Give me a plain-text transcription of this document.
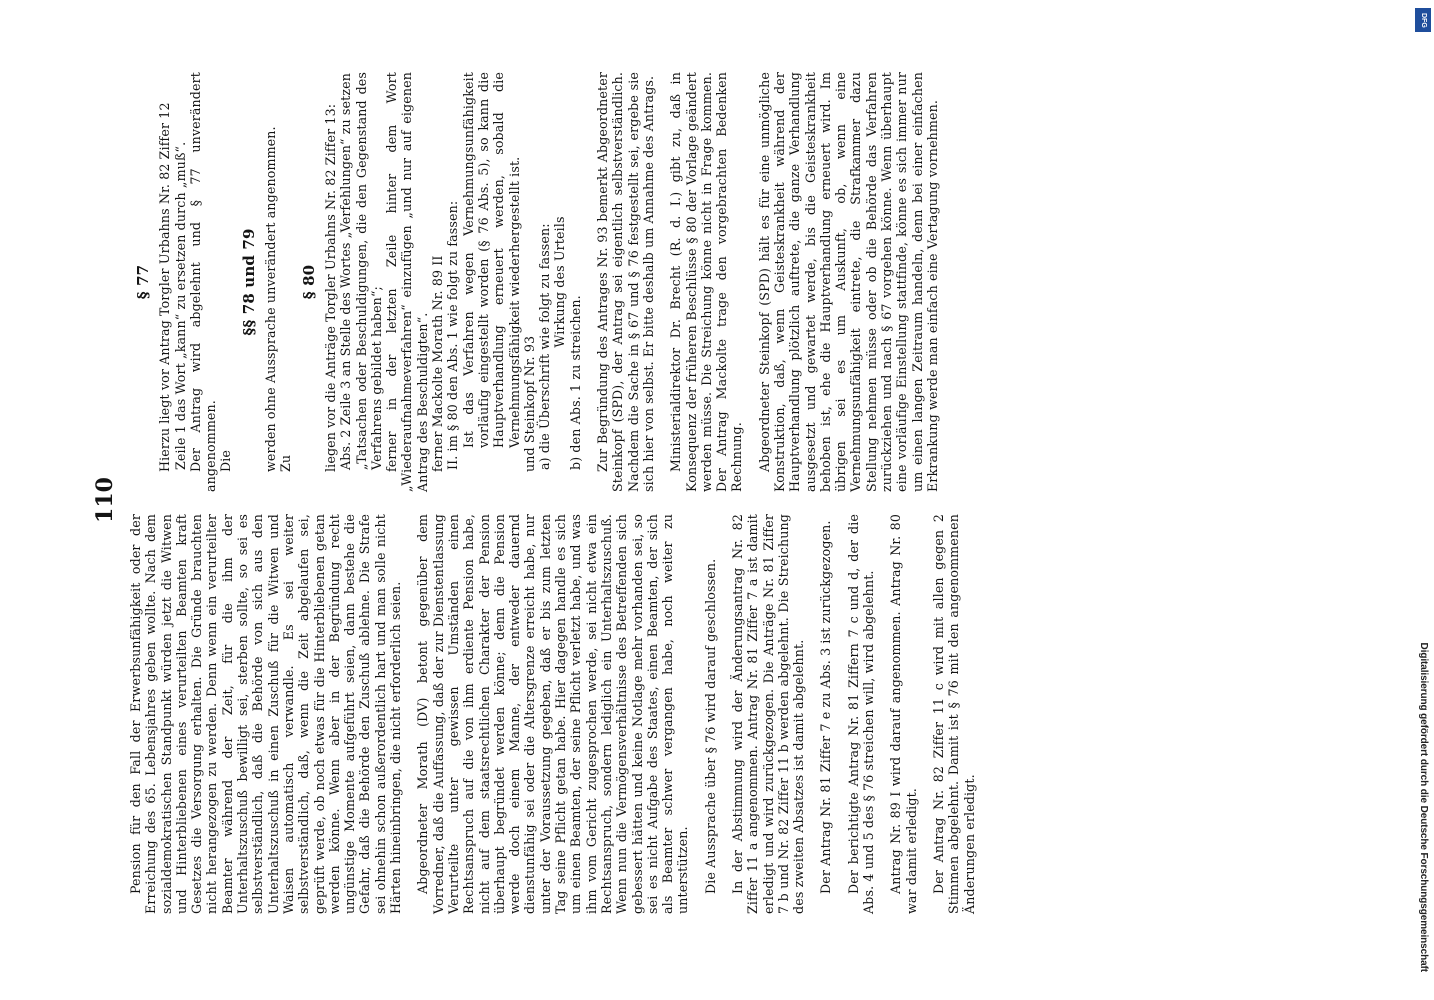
110

Pension für den Fall der Erwerbsunfähigkeit oder der Erreichung des 65. Lebensjahres geben wollte. Nach dem sozialdemokratischen Standpunkt würden jetzt die Witwen und Hinterbliebenen eines verurteilten Beamten kraft Gesetzes die Versorgung erhalten. Die Gründe brauchten nicht herangezogen zu werden. Denn wenn ein verurteilter Beamter während der Zeit, für die ihm der Unterhaltszuschuß bewilligt sei, sterben sollte, so sei es selbstverständlich, daß die Behörde von sich aus den Unterhaltszuschuß in einen Zuschuß für die Witwen und Waisen automatisch verwandle. Es sei weiter selbstverständlich, daß, wenn die Zeit abgelaufen sei, geprüft werde, ob noch etwas für die Hinterbliebenen getan werden könne. Wenn aber in der Begründung recht ungünstige Momente aufgeführt seien, dann bestehe die Gefahr, daß die Behörde den Zuschuß ablehne. Die Strafe sei ohnehin schon außerordentlich hart und man solle nicht Härten hineinbringen, die nicht erforderlich seien. Abgeordneter Morath (DV) betont gegenüber dem Vorredner, daß die Auffassung, daß der zur Dienstentlassung Verurteilte unter gewissen Umständen einen Rechtsanspruch auf die von ihm erdiente Pension habe, nicht auf dem staatsrechtlichen Charakter der Pension überhaupt begründet werden könne; denn die Pension werde doch einem Manne, der entweder dauernd dienstunfähig sei oder die Altersgrenze erreicht habe, nur unter der Voraussetzung gegeben, daß er bis zum letzten Tag seine Pflicht getan habe. Hier dagegen handle es sich um einen Beamten, der seine Pflicht verletzt habe, und was ihm vom Gericht zugesprochen werde, sei nicht etwa ein Rechtsanspruch, sondern lediglich ein Unterhaltszuschuß. Wenn nun die Vermögensverhältnisse des Betreffenden sich gebessert hätten und keine Notlage mehr vorhanden sei, so sei es nicht Aufgabe des Staates, einen Beamten, der sich als Beamter schwer vergangen habe, noch weiter zu unterstützen. Die Aussprache über § 76 wird darauf geschlossen. In der Abstimmung wird der Änderungsantrag Nr. 82 Ziffer 11 a angenommen. Antrag Nr. 81 Ziffer 7 a ist damit erledigt und wird zurückgezogen. Die Anträge Nr. 81 Ziffer 7 b und Nr. 82 Ziffer 11 b werden abgelehnt. Die Streichung des zweiten Absatzes ist damit abgelehnt. Der Antrag Nr. 81 Ziffer 7 e zu Abs. 3 ist zurückgezogen. Der berichtigte Antrag Nr. 81 Ziffern 7 c und d, der die Abs. 4 und 5 des § 76 streichen will, wird abgelehnt. Antrag Nr. 89 I wird darauf angenommen. Antrag Nr. 80 war damit erledigt. Der Antrag Nr. 82 Ziffer 11 c wird mit allen gegen 2 Stimmen abgelehnt. Damit ist § 76 mit den angenommenen Änderungen erledigt.

§ 77 Hierzu liegt vor Antrag Torgler Urbahns Nr. 82 Ziffer 12 Zeile 1 das Wort „kann“ zu ersetzen durch „muß“. Der Antrag wird abgelehnt und § 77 unverändert angenommen. Die

§§ 78 und 79 werden ohne Aussprache unverändert angenommen. Zu

§ 80 liegen vor die Anträge Torgler Urbahns Nr. 82 Ziffer 13: Abs. 2 Zeile 3 an Stelle des Wortes „Verfehlungen“ zu setzen „Tatsachen oder Beschuldigungen, die den Gegenstand des Verfahrens gebildet haben“; ferner in der letzten Zeile hinter dem Wort „Wiederaufnahmeverfahren“ einzufügen „und nur auf eigenen Antrag des Beschuldigten“. ferner Mackolte Morath Nr. 89 II II. im § 80 den Abs. 1 wie folgt zu fassen: Ist das Verfahren wegen Vernehmungsunfähigkeit vorläufig eingestellt worden (§ 76 Abs. 5), so kann die Hauptverhandlung erneuert werden, sobald die Vernehmungsfähigkeit wiederhergestellt ist. und Steinkopf Nr. 93 a) die Überschrift wie folgt zu fassen: Wirkung des Urteils

b) den Abs. 1 zu streichen. Zur Begründung des Antrages Nr. 93 bemerkt Abgeordneter Steinkopf (SPD), der Antrag sei eigentlich selbstverständlich. Nachdem die Sache in § 67 und § 76 festgestellt sei, ergebe sie sich hier von selbst. Er bitte deshalb um Annahme des Antrags. Ministerialdirektor Dr. Brecht (R. d. I.) gibt zu, daß in Konsequenz der früheren Beschlüsse § 80 der Vorlage geändert werden müsse. Die Streichung könne nicht in Frage kommen. Der Antrag Mackolte trage den vorgebrachten Bedenken Rechnung. Abgeordneter Steinkopf (SPD) hält es für eine unmögliche Konstruktion, daß, wenn Geisteskrankheit während der Hauptverhandlung plötzlich auftrete, die ganze Verhandlung ausgesetzt und gewartet werde, bis die Geisteskrankheit behoben ist, ehe die Hauptverhandlung erneuert wird. Im übrigen sei es um Auskunft, ob, wenn eine Vernehmungsunfähigkeit eintrete, die Strafkammer dazu Stellung nehmen müsse oder ob die Behörde das Verfahren zurückziehen und nach § 67 vorgehen könne. Wenn überhaupt eine vorläufige Einstellung stattfinde, könne es sich immer nur um einen langen Zeitraum handeln, denn bei einer einfachen Erkrankung werde man einfach eine Vertagung vornehmen.

DFG
Digitalisierung gefördert durch die Deutsche Forschungsgemeinschaft
